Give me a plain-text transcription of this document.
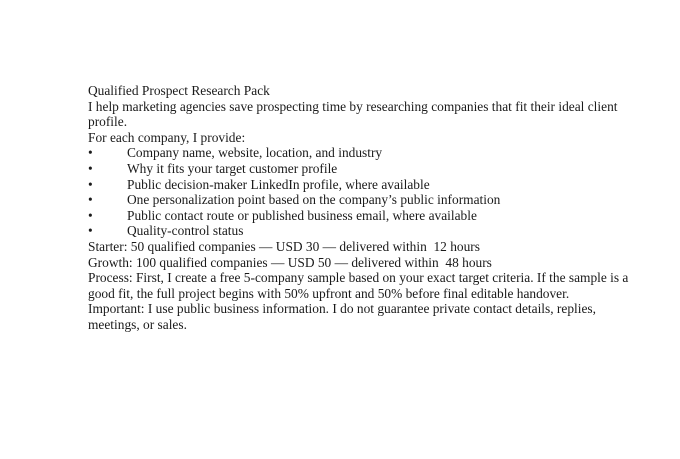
Qualified Prospect Research Pack

I help marketing agencies save prospecting time by researching companies that fit their ideal client profile.

For each company, I provide:

•	Company name, website, location, and industry
•	Why it fits your target customer profile
•	Public decision-maker LinkedIn profile, where available
•	One personalization point based on the company’s public information
•	Public contact route or published business email, where available
•	Quality-control status

Starter: 50 qualified companies — USD 30 — delivered within  12 hours

Growth: 100 qualified companies — USD 50 — delivered within  48 hours

Process: First, I create a free 5-company sample based on your exact target criteria. If the sample is a good fit, the full project begins with 50% upfront and 50% before final editable handover.

Important: I use public business information. I do not guarantee private contact details, replies, meetings, or sales.
